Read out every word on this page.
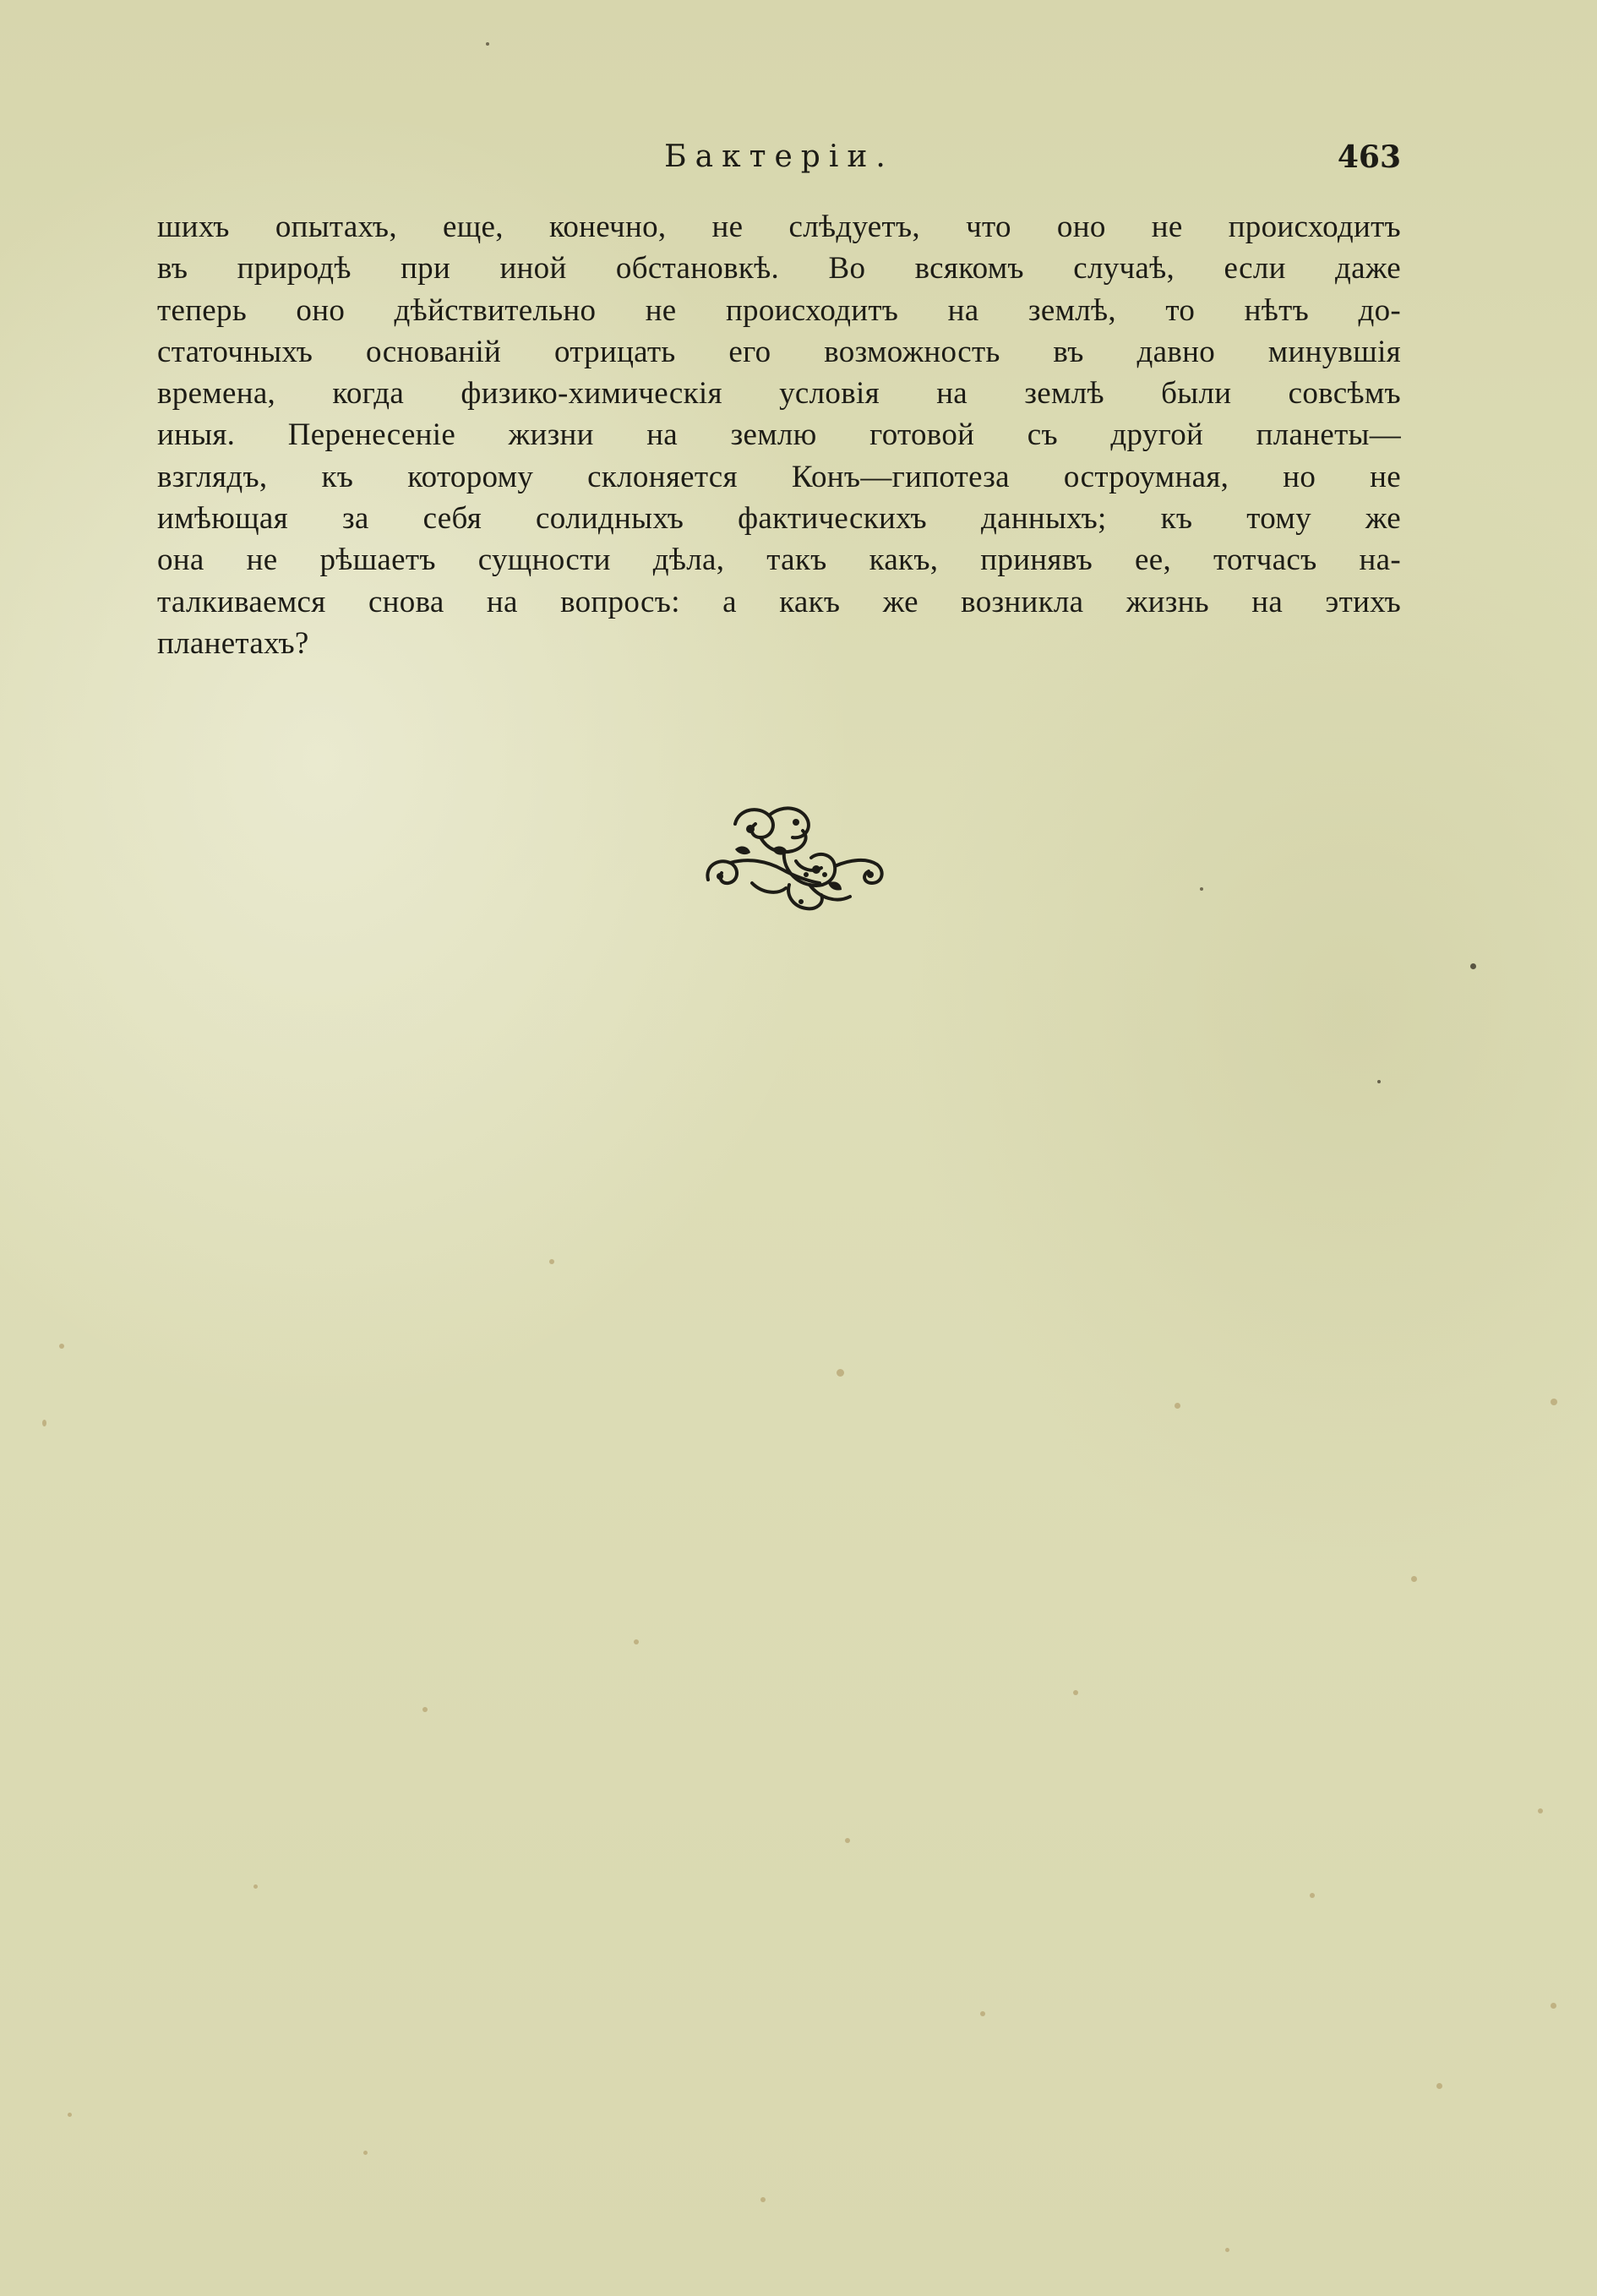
Бактеріи.	463
шихъ опытахъ, еще, конечно, не слѣдуетъ, что оно не происходитъ
въ природѣ при иной обстановкѣ. Во всякомъ случаѣ, если даже
теперь оно дѣйствительно не происходитъ на землѣ, то нѣтъ до-
статочныхъ основаній отрицать его возможность въ давно минувшія
времена, когда физико-химическія условія на землѣ были совсѣмъ
иныя. Перенесеніе жизни на землю готовой съ другой планеты—
взглядъ, къ которому склоняется Конъ—гипотеза остроумная, но не
имѣющая за себя солидныхъ фактическихъ данныхъ; къ тому же
она не рѣшаетъ сущности дѣла, такъ какъ, принявъ ее, тотчасъ на-
талкиваемся снова на вопросъ: а какъ же возникла жизнь на этихъ
планетахъ?
